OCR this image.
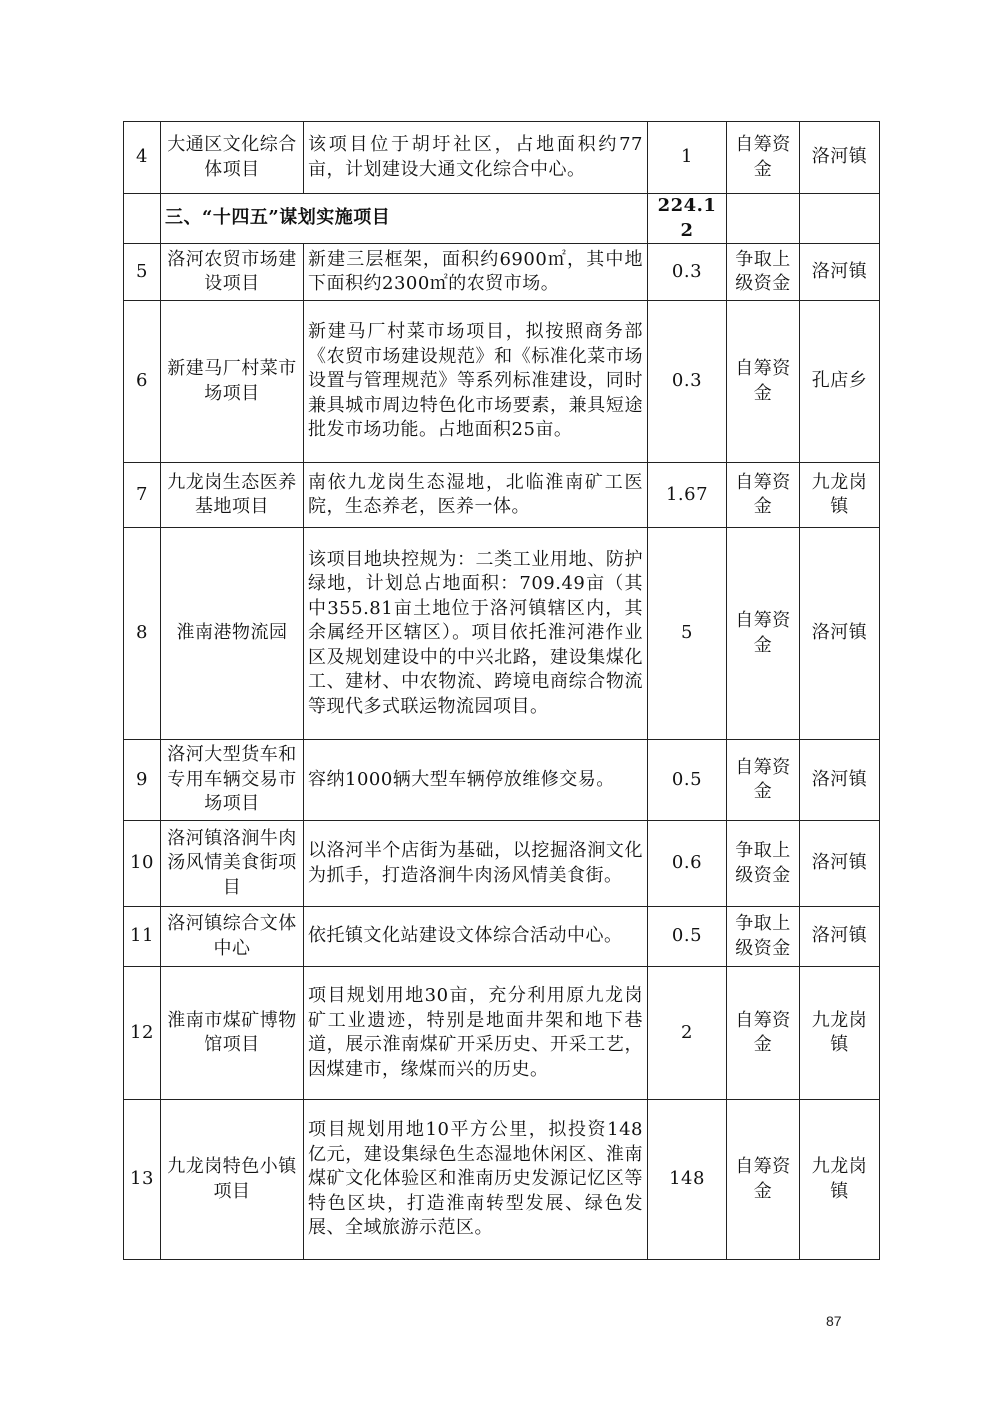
4	大通区文化综合体项目	该项目位于胡圩社区，占地面积约77亩，计划建设大通文化综合中心。	1	自筹资金	洛河镇
	三、“十四五”谋划实施项目		224.12		
5	洛河农贸市场建设项目	新建三层框架，面积约6900㎡，其中地下面积约2300㎡的农贸市场。	0.3	争取上级资金	洛河镇
6	新建马厂村菜市场项目	新建马厂村菜市场项目，拟按照商务部《农贸市场建设规范》和《标准化菜市场设置与管理规范》等系列标准建设，同时兼具城市周边特色化市场要素，兼具短途批发市场功能。占地面积25亩。	0.3	自筹资金	孔店乡
7	九龙岗生态医养基地项目	南依九龙岗生态湿地，北临淮南矿工医院，生态养老，医养一体。	1.67	自筹资金	九龙岗镇
8	淮南港物流园	该项目地块控规为：二类工业用地、防护绿地，计划总占地面积：709.49亩（其中355.81亩土地位于洛河镇辖区内，其余属经开区辖区）。项目依托淮河港作业区及规划建设中的中兴北路，建设集煤化工、建材、中农物流、跨境电商综合物流等现代多式联运物流园项目。	5	自筹资金	洛河镇
9	洛河大型货车和专用车辆交易市场项目	容纳1000辆大型车辆停放维修交易。	0.5	自筹资金	洛河镇
10	洛河镇洛涧牛肉汤风情美食街项目	以洛河半个店街为基础，以挖掘洛涧文化为抓手，打造洛涧牛肉汤风情美食街。	0.6	争取上级资金	洛河镇
11	洛河镇综合文体中心	依托镇文化站建设文体综合活动中心。	0.5	争取上级资金	洛河镇
12	淮南市煤矿博物馆项目	项目规划用地30亩，充分利用原九龙岗矿工业遗迹，特别是地面井架和地下巷道，展示淮南煤矿开采历史、开采工艺，因煤建市，缘煤而兴的历史。	2	自筹资金	九龙岗镇
13	九龙岗特色小镇项目	项目规划用地10平方公里，拟投资148亿元，建设集绿色生态湿地休闲区、淮南煤矿文化体验区和淮南历史发源记忆区等特色区块，打造淮南转型发展、绿色发展、全域旅游示范区。	148	自筹资金	九龙岗镇
87
